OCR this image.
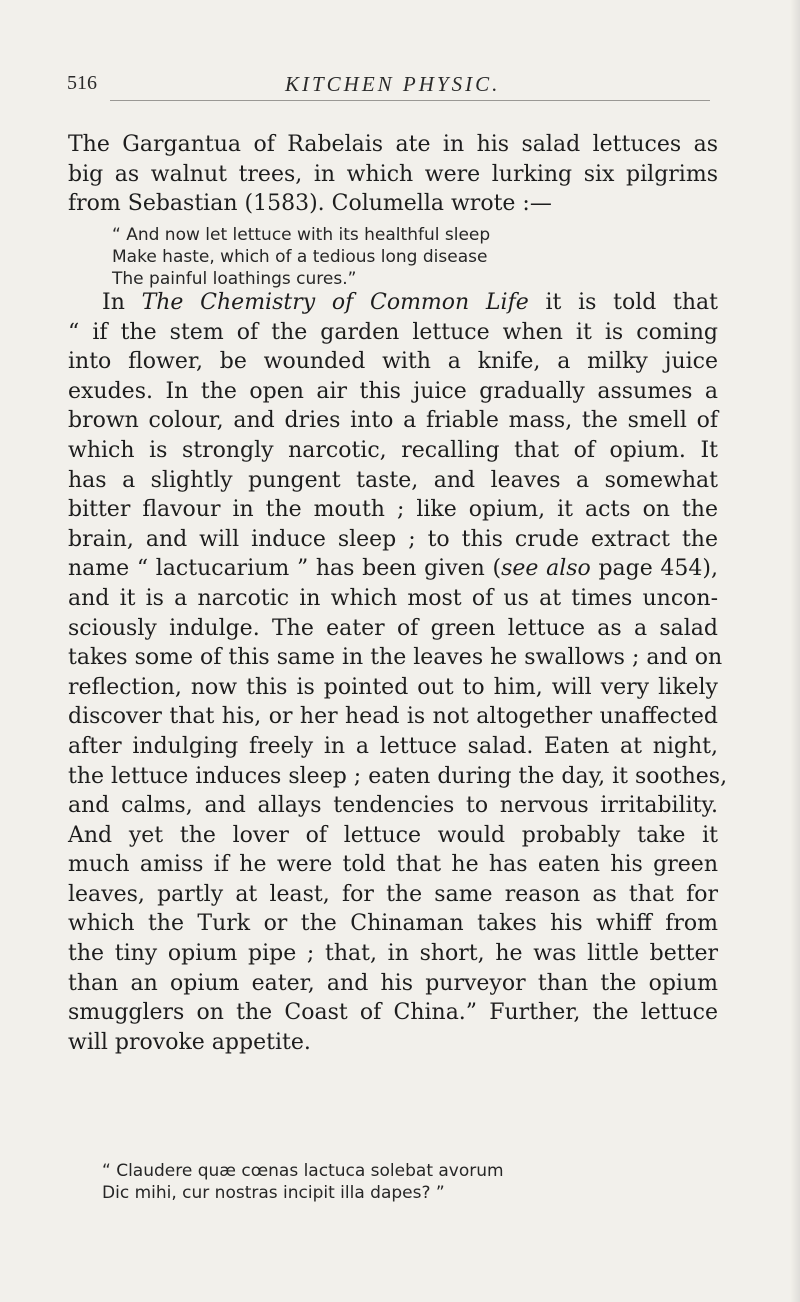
516	KITCHEN PHYSIC.
The Gargantua of Rabelais ate in his salad lettuces as
big as walnut trees, in which were lurking six pilgrims
from Sebastian (1583). Columella wrote :—
“ And now let lettuce with its healthful sleep
Make haste, which of a tedious long disease
The painful loathings cures.”
In The Chemistry of Common Life it is told that
“ if the stem of the garden lettuce when it is coming
into flower, be wounded with a knife, a milky juice
exudes. In the open air this juice gradually assumes a
brown colour, and dries into a friable mass, the smell of
which is strongly narcotic, recalling that of opium. It
has a slightly pungent taste, and leaves a somewhat
bitter flavour in the mouth ; like opium, it acts on the
brain, and will induce sleep ; to this crude extract the
name “ lactucarium ” has been given (see also page 454),
and it is a narcotic in which most of us at times uncon-
sciously indulge. The eater of green lettuce as a salad
takes some of this same in the leaves he swallows ; and on
reflection, now this is pointed out to him, will very likely
discover that his, or her head is not altogether unaffected
after indulging freely in a lettuce salad. Eaten at night,
the lettuce induces sleep ; eaten during the day, it soothes,
and calms, and allays tendencies to nervous irritability.
And yet the lover of lettuce would probably take it
much amiss if he were told that he has eaten his green
leaves, partly at least, for the same reason as that for
which the Turk or the Chinaman takes his whiff from
the tiny opium pipe ; that, in short, he was little better
than an opium eater, and his purveyor than the opium
smugglers on the Coast of China.” Further, the lettuce
will provoke appetite.
“ Claudere quæ cœnas lactuca solebat avorum
Dic mihi, cur nostras incipit illa dapes? ”
